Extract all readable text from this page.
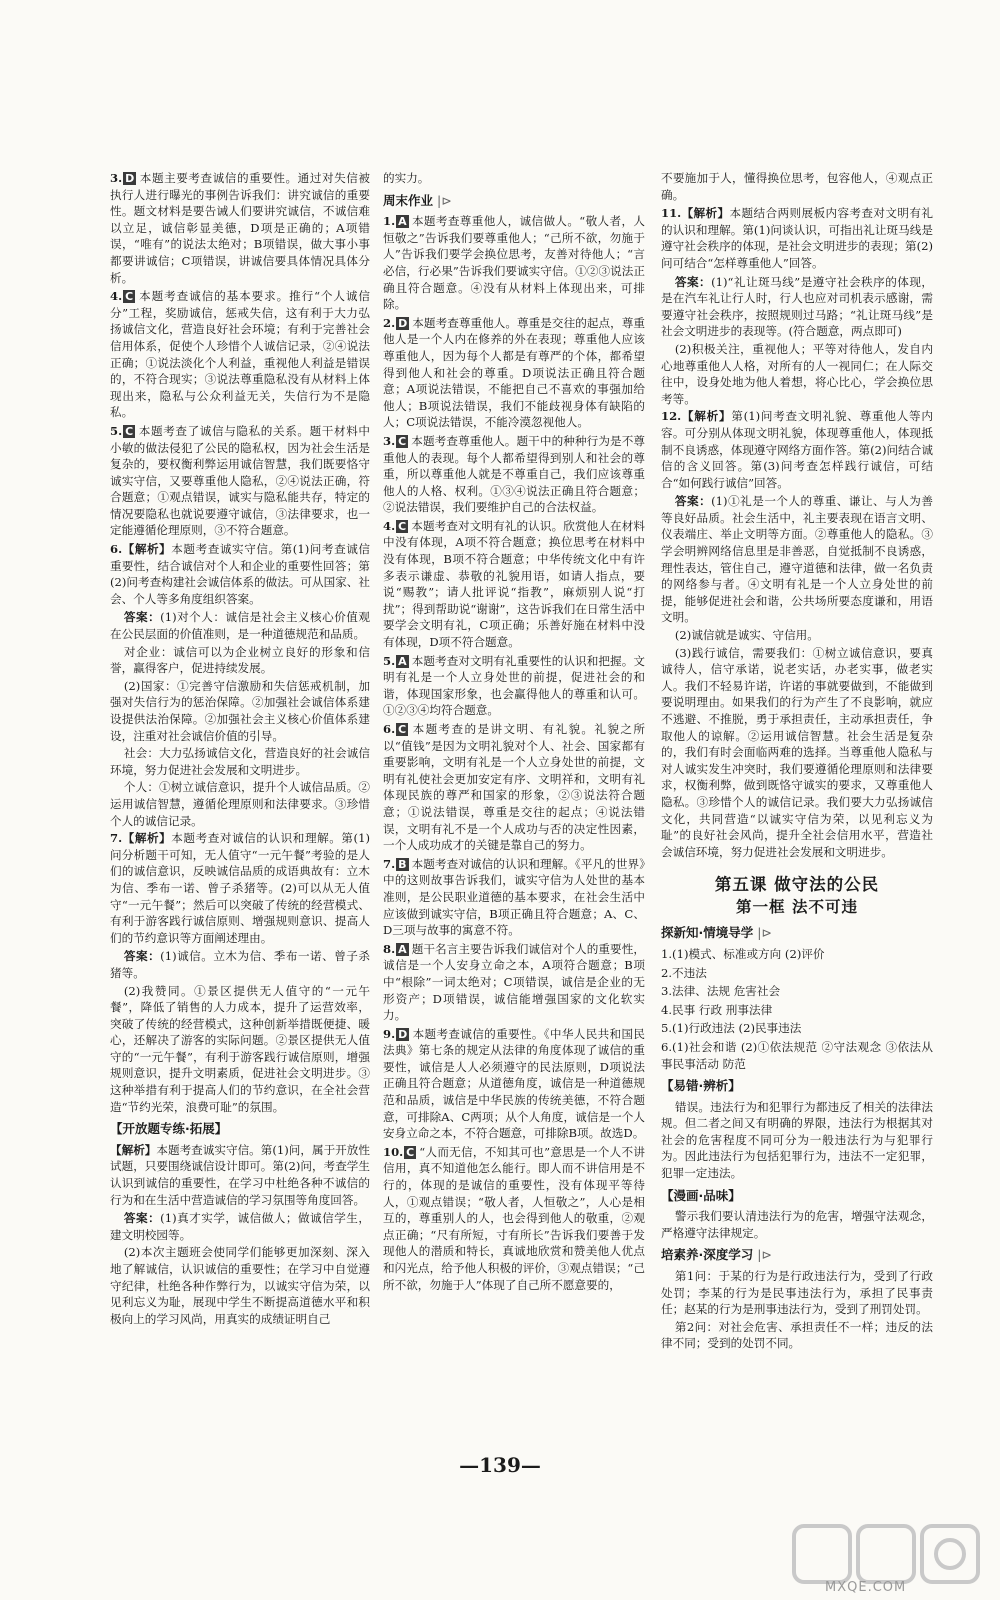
3. D 本题主要考查诚信的重要性。通过对失信被执行人进行曝光的事例告诉我们：讲究诚信的重要性。题文材料是要告诫人们要讲究诚信，不诚信难以立足，诚信彰显美德，D项是正确的；A项错误，“唯有”的说法太绝对；B项错误，做大事小事都要讲诚信；C项错误，讲诚信要具体情况具体分析。

4. C 本题考查诚信的基本要求。推行“个人诚信分”工程，奖励诚信，惩戒失信，这有利于大力弘扬诚信文化，营造良好社会环境；有利于完善社会信用体系，促使个人珍惜个人诚信记录，②④说法正确；①说法淡化个人利益，重视他人利益是错误的，不符合现实；③说法尊重隐私没有从材料上体现出来，隐私与公众利益无关，失信行为不是隐私。

5. C 本题考查了诚信与隐私的关系。题干材料中小敏的做法侵犯了公民的隐私权，因为社会生活是复杂的，要权衡利弊运用诚信智慧，我们既要恪守诚实守信，又要尊重他人隐私，②④说法正确，符合题意；①观点错误，诚实与隐私能共存，特定的情况要隐私也就说要遵守诚信，③法律要求，也一定能遵循伦理原则，③不符合题意。

6.【解析】本题考查诚实守信。第(1)问考查诚信重要性，结合诚信对个人和企业的重要性回答；第(2)问考查构建社会诚信体系的做法。可从国家、社会、个人等多角度组织答案。

答案：(1)对个人：诚信是社会主义核心价值观在公民层面的价值准则，是一种道德规范和品质。

对企业：诚信可以为企业树立良好的形象和信誉，赢得客户，促进持续发展。

(2)国家：①完善守信激励和失信惩戒机制，加强对失信行为的惩治保障。②加强社会诚信体系建设提供法治保障。②加强社会主义核心价值体系建设，注重对社会诚信价值的引导。

社会：大力弘扬诚信文化，营造良好的社会诚信环境，努力促进社会发展和文明进步。

个人：①树立诚信意识，提升个人诚信品质。②运用诚信智慧，遵循伦理原则和法律要求。③珍惜个人的诚信记录。

7.【解析】本题考查对诚信的认识和理解。第(1)问分析题干可知，无人值守“一元午餐”考验的是人们的诚信意识，反映诚信品质的成语典故有：立木为信、季布一诺、曾子杀猪等。(2)可以从无人值守“一元午餐”；然后可以突破了传统的经营模式、有利于游客践行诚信原则、增强规则意识、提高人们的节约意识等方面阐述理由。

答案：(1)诚信。立木为信、季布一诺、曾子杀猪等。

(2)我赞同。①景区提供无人值守的“一元午餐”，降低了销售的人力成本，提升了运营效率，突破了传统的经营模式，这种创新举措既便捷、暖心，还解决了游客的实际问题。②景区提供无人值守的“一元午餐”，有利于游客践行诚信原则，增强规则意识，提升文明素质，促进社会文明进步。③这种举措有利于提高人们的节约意识，在全社会营造“节约光荣，浪费可耻”的氛围。

【开放题专练·拓展】

【解析】本题考查诚实守信。第(1)问，属于开放性试题，只要围绕诚信设计即可。第(2)问，考查学生认识到诚信的重要性，在学习中杜绝各种不诚信的行为和在生活中营造诚信的学习氛围等角度回答。

答案：(1)真才实学，诚信做人；做诚信学生，建文明校园等。

(2)本次主题班会使同学们能够更加深刻、深入地了解诚信，认识诚信的重要性；在学习中自觉遵守纪律，杜绝各种作弊行为，以诚实守信为荣，以见利忘义为耻，展现中学生不断提高道德水平和积极向上的学习风尚，用真实的成绩证明自己

的实力。

周末作业 |⊳

1. A 本题考查尊重他人，诚信做人。“敬人者，人恒敬之”告诉我们要尊重他人；“己所不欲，勿施于人”告诉我们要学会换位思考，友善对待他人；“言必信，行必果”告诉我们要诚实守信。①②③说法正确且符合题意。④没有从材料上体现出来，可排除。

2. D 本题考查尊重他人。尊重是交往的起点，尊重他人是一个人内在修养的外在表现；尊重他人应该尊重他人，因为每个人都是有尊严的个体，都希望得到他人和社会的尊重。D项说法正确且符合题意；A项说法错误，不能把自己不喜欢的事强加给他人；B项说法错误，我们不能歧视身体有缺陷的人；C项说法错误，不能冷漠忽视他人。

3. C 本题考查尊重他人。题干中的种种行为是不尊重他人的表现。每个人都希望得到别人和社会的尊重，所以尊重他人就是不尊重自己，我们应该尊重他人的人格、权利。①③④说法正确且符合题意；②说法错误，我们要维护自己的合法权益。

4. C 本题考查对文明有礼的认识。欣赏他人在材料中没有体现，A项不符合题意；换位思考在材料中没有体现，B项不符合题意；中华传统文化中有许多表示谦虚、恭敬的礼貌用语，如请人指点，要说“赐教”；请人批评说“指教”，麻烦别人说“打扰”；得到帮助说“谢谢”，这告诉我们在日常生活中要学会文明有礼，C项正确；乐善好施在材料中没有体现，D项不符合题意。

5. A 本题考查对文明有礼重要性的认识和把握。文明有礼是一个人立身处世的前提，促进社会的和谐，体现国家形象，也会赢得他人的尊重和认可。①②③④均符合题意。

6. C 本题考查的是讲文明、有礼貌。礼貌之所以“值钱”是因为文明礼貌对个人、社会、国家都有重要影响，文明有礼是一个人立身处世的前提，文明有礼使社会更加安定有序、文明祥和，文明有礼体现民族的尊严和国家的形象，②③说法符合题意；①说法错误，尊重是交往的起点；④说法错误，文明有礼不是一个人成功与否的决定性因素，一个人成功成才的关键是靠自己的努力。

7. B 本题考查对诚信的认识和理解。《平凡的世界》中的这则故事告诉我们，诚实守信为人处世的基本准则，是公民职业道德的基本要求，在社会生活中应该做到诚实守信，B项正确且符合题意；A、C、D三项与故事的寓意不符。

8. A 题干名言主要告诉我们诚信对个人的重要性，诚信是一个人安身立命之本，A项符合题意；B项中“根除”一词太绝对；C项错误，诚信是企业的无形资产；D项错误，诚信能增强国家的文化软实力。

9. D 本题考查诚信的重要性。《中华人民共和国民法典》第七条的规定从法律的角度体现了诚信的重要性，诚信是人人必须遵守的民法原则，D项说法正确且符合题意；从道德角度，诚信是一种道德规范和品质，诚信是中华民族的传统美德，不符合题意，可排除A、C两项；从个人角度，诚信是一个人安身立命之本，不符合题意，可排除B项。故选D。

10. C “人而无信，不知其可也”意思是一个人不讲信用，真不知道他怎么能行。即人而不讲信用是不行的，体现的是诚信的重要性，没有体现平等待人，①观点错误；“敬人者，人恒敬之”，人心是相互的，尊重别人的人，也会得到他人的敬重，②观点正确；“尺有所短，寸有所长”告诉我们要善于发现他人的潜质和特长，真诚地欣赏和赞美他人优点和闪光点，给予他人积极的评价，③观点错误；“己所不欲，勿施于人”体现了自己所不愿意要的，

不要施加于人，懂得换位思考，包容他人，④观点正确。

11.【解析】本题结合两则展板内容考查对文明有礼的认识和理解。第(1)问谈认识，可指出礼让斑马线是遵守社会秩序的体现，是社会文明进步的表现；第(2)问可结合“怎样尊重他人”回答。

答案：(1)“礼让斑马线”是遵守社会秩序的体现，是在汽车礼让行人时，行人也应对司机表示感谢，需要遵守社会秩序，按照规则过马路；“礼让斑马线”是社会文明进步的表现等。(符合题意，两点即可)

(2)积极关注，重视他人；平等对待他人，发自内心地尊重他人人格，对所有的人一视同仁；在人际交往中，设身处地为他人着想，将心比心，学会换位思考等。

12.【解析】第(1)问考查文明礼貌、尊重他人等内容。可分别从体现文明礼貌，体现尊重他人，体现抵制不良诱惑，体现遵守网络方面作答。第(2)问结合诚信的含义回答。第(3)问考查怎样践行诚信，可结合“如何践行诚信”回答。

答案：(1)①礼是一个人的尊重、谦让、与人为善等良好品质。社会生活中，礼主要表现在语言文明、仪表端庄、举止文明等方面。②尊重他人的隐私。③学会明辨网络信息里是非善恶，自觉抵制不良诱惑，理性表达，管住自己，遵守道德和法律，做一名负责的网络参与者。④文明有礼是一个人立身处世的前提，能够促进社会和谐，公共场所要态度谦和，用语文明。

(2)诚信就是诚实、守信用。

(3)践行诚信，需要我们：①树立诚信意识，要真诚待人，信守承诺，说老实话，办老实事，做老实人。我们不轻易许诺，许诺的事就要做到，不能做到要说明理由。如果我们的行为产生了不良影响，就应不逃避、不推脱，勇于承担责任，主动承担责任，争取他人的谅解。②运用诚信智慧。社会生活是复杂的，我们有时会面临两难的选择。当尊重他人隐私与对人诚实发生冲突时，我们要遵循伦理原则和法律要求，权衡利弊，做到既恪守诚实的要求，又尊重他人隐私。③珍惜个人的诚信记录。我们要大力弘扬诚信文化，共同营造“以诚实守信为荣，以见利忘义为耻”的良好社会风尚，提升全社会信用水平，营造社会诚信环境，努力促进社会发展和文明进步。

第五课 做守法的公民
第一框 法不可违
探新知·情境导学 |⊳

1.(1)模式、标准或方向 (2)评价

2.不违法

3.法律、法规 危害社会

4.民事 行政 刑事法律

5.(1)行政违法 (2)民事违法

6.(1)社会和谐 (2)①依法规范 ②守法观念 ③依法从事民事活动 防范

【易错·辨析】

错误。违法行为和犯罪行为都违反了相关的法律法规。但二者之间又有明确的界限，违法行为根据其对社会的危害程度不同可分为一般违法行为与犯罪行为。因此违法行为包括犯罪行为，违法不一定犯罪，犯罪一定违法。

【漫画·品味】

警示我们要认清违法行为的危害，增强守法观念，严格遵守法律规定。

培素养·深度学习 |⊳

第1问：于某的行为是行政违法行为，受到了行政处罚；李某的行为是民事违法行为，承担了民事责任；赵某的行为是刑事违法行为，受到了刑罚处罚。

第2问：对社会危害、承担责任不一样；违反的法律不同；受到的处罚不同。

—139—
MXQE.COM
